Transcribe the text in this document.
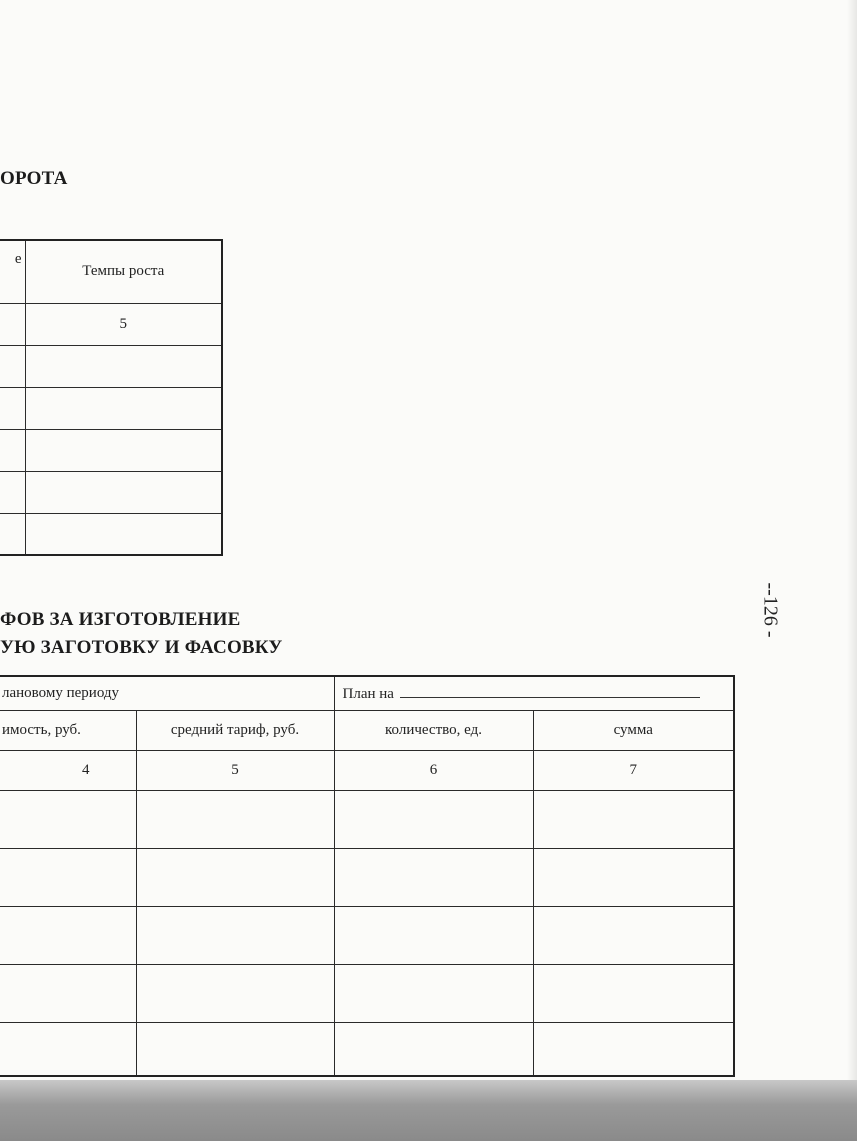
ОРОТА
е	Темпы роста
	5

ФОВ ЗА ИЗГОТОВЛЕНИЕ
УЮ ЗАГОТОВКУ И ФАСОВКУ
лановому периоду		План на	
имость, руб.	средний тариф, руб.	количество, ед.	сумма
4	5	6	7

--126 -
